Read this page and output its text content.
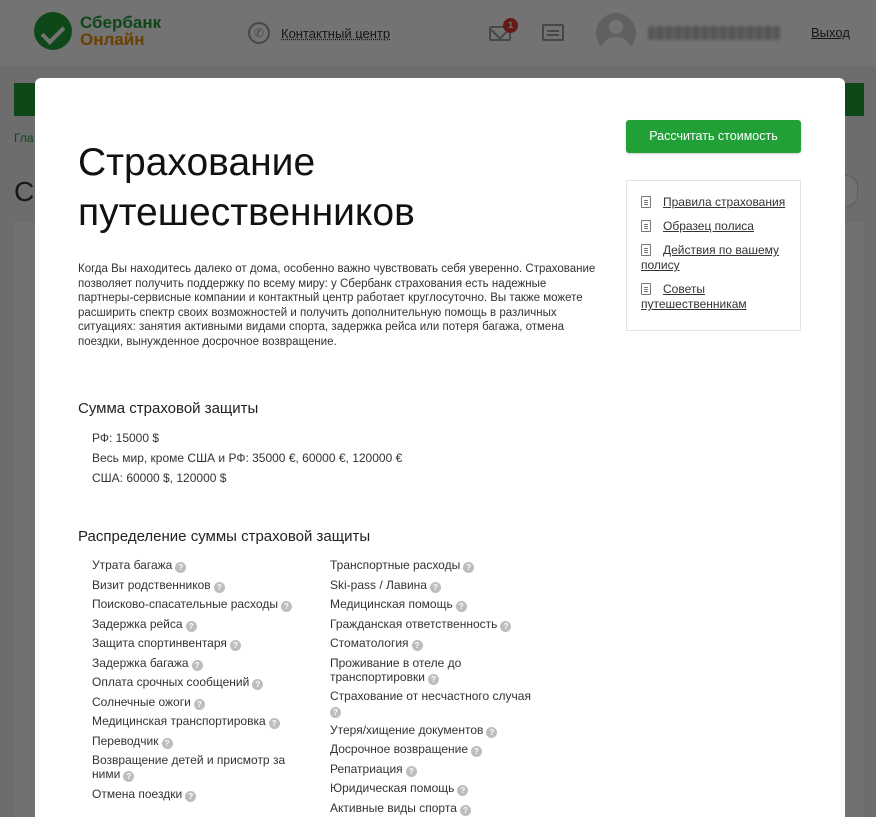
Страхование путешественников

Когда Вы находитесь далеко от дома, особенно важно чувствовать себя уверенно. Страхование позволяет получить поддержку по всему миру: у Сбербанк страхования есть надежные партнеры-сервисные компании и контактный центр работает круглосуточно. Вы также можете расширить спектр своих возможностей и получить дополнительную помощь в различных ситуациях: занятия активными видами спорта, задержка рейса или потеря багажа, отмена поездки, вынужденное досрочное возвращение.

Рассчитать стоимость
Правила страхования
Образец полиса
Действия по вашему полису
Советы путешественникам
Сумма страховой защиты
РФ: 15000 $
Весь мир, кроме США и РФ: 35000 €, 60000 €, 120000 €
США: 60000 $, 120000 $
Распределение суммы страховой защиты
Утрата багажа ?
Визит родственников ?
Поисково-спасательные расходы ?
Задержка рейса ?
Защита спортинвентаря ?
Задержка багажа ?
Оплата срочных сообщений ?
Солнечные ожоги ?
Медицинская транспортировка ?
Переводчик ?
Возвращение детей и присмотр за ними ?
Отмена поездки ?
Транспортные расходы ?
Ski-pass / Лавина ?
Медицинская помощь ?
Гражданская ответственность ?
Стоматология ?
Проживание в отеле до транспортировки ?
Страхование от несчастного случая
?
Утеря/хищение документов ?
Досрочное возвращение ?
Репатриация ?
Юридическая помощь ?
Активные виды спорта ?
